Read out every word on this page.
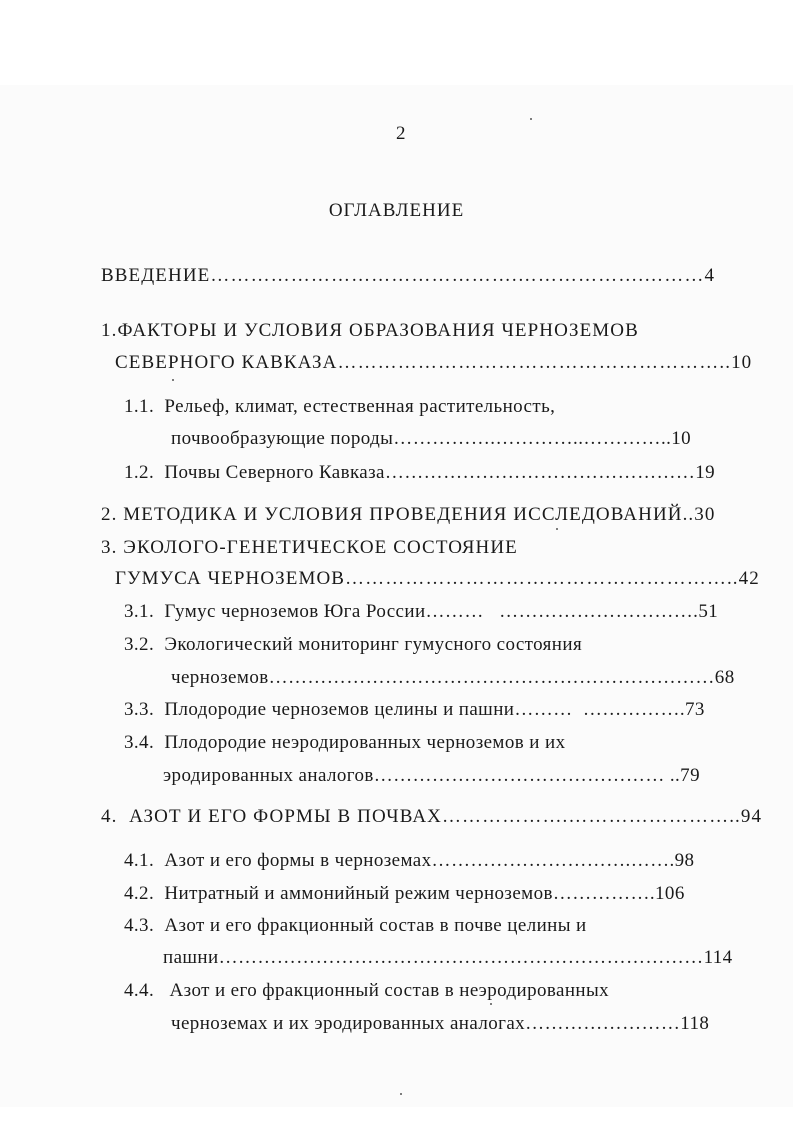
2
ОГЛАВЛЕНИЕ
ВВЕДЕНИЕ……………………………………….……………….………4
1.ФАКТОРЫ И УСЛОВИЯ ОБРАЗОВАНИЯ ЧЕРНОЗЕМОВ
СЕВЕРНОГО КАВКАЗА…………………………………………………..10
1.1.  Рельеф, климат, естественная растительность,
почвообразующие породы…………….…………..…………..10
1.2.  Почвы Северного Кавказа…………………………………………19
2. МЕТОДИКА И УСЛОВИЯ ПРОВЕДЕНИЯ ИССЛЕДОВАНИЙ..30
3. ЭКОЛОГО-ГЕНЕТИЧЕСКОЕ СОСТОЯНИЕ
ГУМУСА ЧЕРНОЗЕМОВ…………………………………………………..42
3.1.  Гумус черноземов Юга России………   ………………………….51
3.2.  Экологический мониторинг гумусного состояния
черноземов……………………………………………………………68
3.3.  Плодородие черноземов целины и пашни………  …………….73
3.4.  Плодородие неэродированных черноземов и их
эродированных аналогов……………………………………… ..79
4.  АЗОТ И ЕГО ФОРМЫ В ПОЧВАХ……………….……………………..94
4.1.  Азот и его формы в черноземах………………………….…….98
4.2.  Нитратный и аммонийный режим черноземов…………….106
4.3.  Азот и его фракционный состав в почве целины и
пашни…………………………………………………………………114
4.4.   Азот и его фракционный состав в неэродированных
черноземах и их эродированных аналогах……………………118
